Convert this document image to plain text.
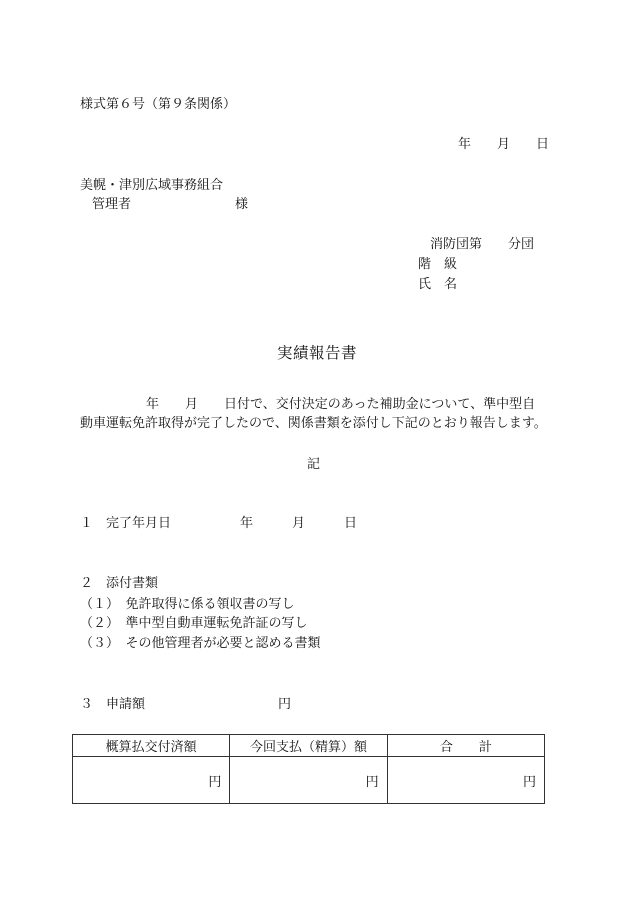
様式第６号（第９条関係）
年　　月　　日
美幌・津別広域事務組合
管理者　　　　　　　　様
消防団第　　分団
階　級
氏　名
実績報告書
年　　月　　日付で、交付決定のあった補助金について、準中型自
動車運転免許取得が完了したので、関係書類を添付し下記のとおり報告します。
記
１　完了年月日	年　　　月　　　日
２　添付書類
（１）　免許取得に係る領収書の写し
（２）　準中型自動車運転免許証の写し
（３）　その他管理者が必要と認める書類
３　申請額	円
概算払交付済額	今回支払（精算）額	合　　計
円	円	円
